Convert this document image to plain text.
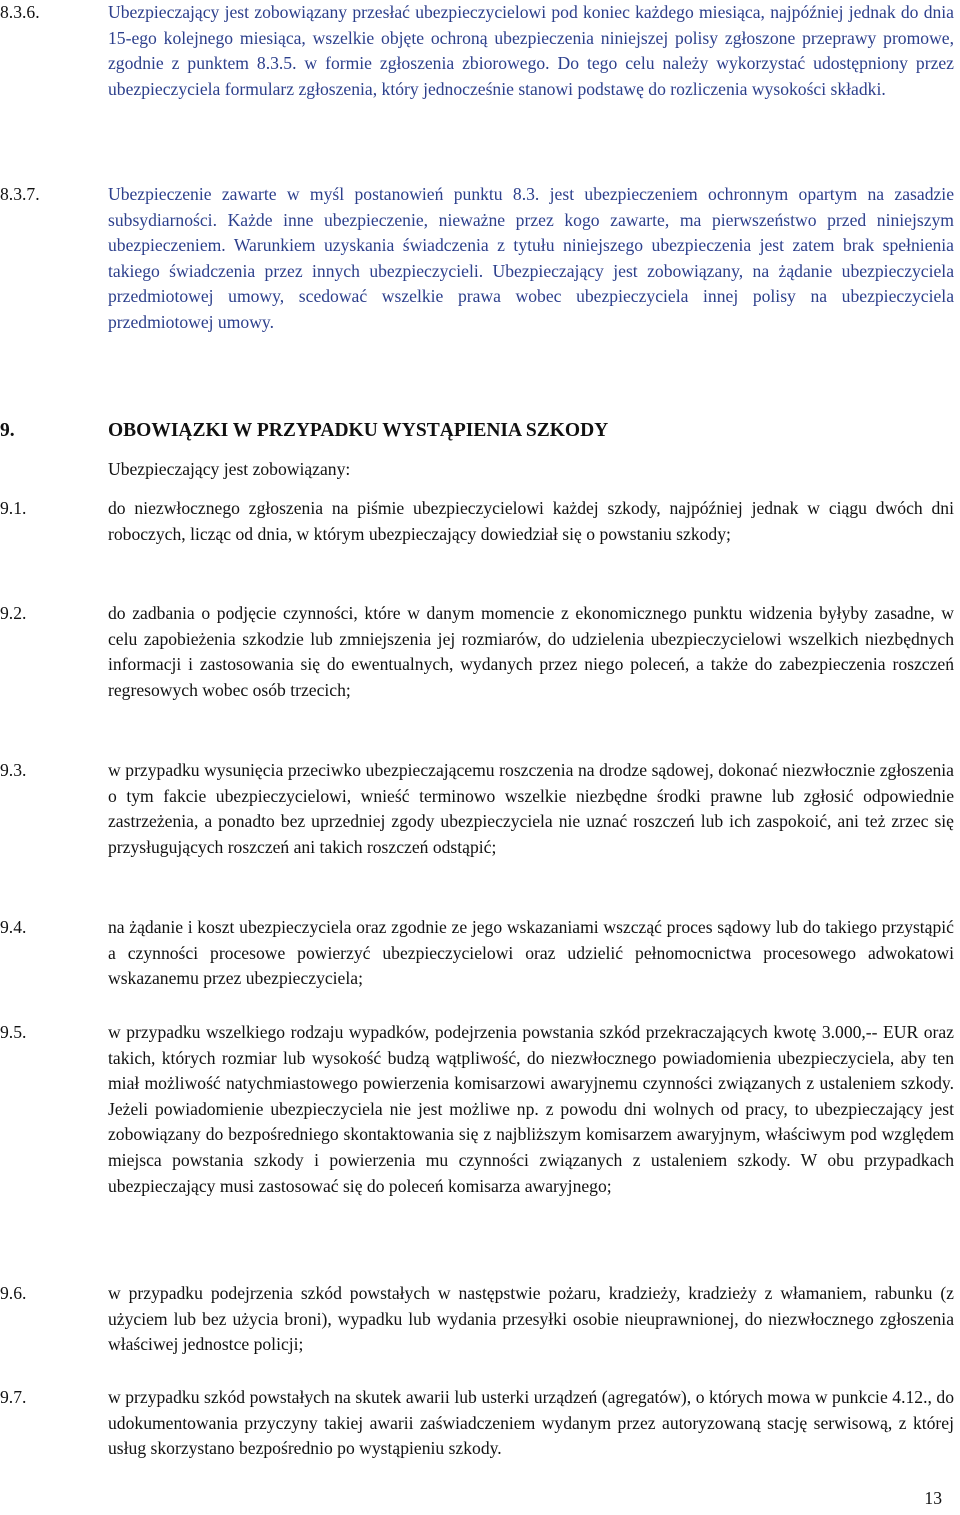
8.3.6.	Ubezpieczający jest zobowiązany przesłać ubezpieczycielowi pod koniec każdego miesiąca, najpóźniej jednak do dnia 15-ego kolejnego miesiąca, wszelkie objęte ochroną ubezpieczenia niniejszej polisy zgłoszone przeprawy promowe, zgodnie z punktem 8.3.5. w formie zgłoszenia zbiorowego. Do tego celu należy wykorzystać udostępniony przez ubezpieczyciela formularz zgłoszenia, który jednocześnie stanowi podstawę do rozliczenia wysokości składki.
8.3.7.	Ubezpieczenie zawarte w myśl postanowień punktu 8.3. jest ubezpieczeniem ochronnym opartym na zasadzie subsydiarności. Każde inne ubezpieczenie, nieważne przez kogo zawarte, ma pierwszeństwo przed niniejszym ubezpieczeniem. Warunkiem uzyskania świadczenia z tytułu niniejszego ubezpieczenia jest zatem brak spełnienia takiego świadczenia przez innych ubezpieczycieli. Ubezpieczający jest zobowiązany, na żądanie ubezpieczyciela przedmiotowej umowy, scedować wszelkie prawa wobec ubezpieczyciela innej polisy na ubezpieczyciela przedmiotowej umowy.
9.	OBOWIĄZKI W PRZYPADKU WYSTĄPIENIA SZKODY
Ubezpieczający jest zobowiązany:
9.1.	do niezwłocznego zgłoszenia na piśmie ubezpieczycielowi każdej szkody, najpóźniej jednak w ciągu dwóch dni roboczych, licząc od dnia, w którym ubezpieczający dowiedział się o powstaniu szkody;
9.2.	do zadbania o podjęcie czynności, które w danym momencie z ekonomicznego punktu widzenia byłyby zasadne, w celu zapobieżenia szkodzie lub zmniejszenia jej rozmiarów, do udzielenia ubezpieczycielowi wszelkich niezbędnych informacji i zastosowania się do ewentualnych, wydanych przez niego poleceń, a także do zabezpieczenia roszczeń regresowych wobec osób trzecich;
9.3.	w przypadku wysunięcia przeciwko ubezpieczającemu roszczenia na drodze sądowej, dokonać niezwłocznie zgłoszenia o tym fakcie ubezpieczycielowi, wnieść terminowo wszelkie niezbędne środki prawne lub zgłosić odpowiednie zastrzeżenia, a ponadto bez uprzedniej zgody ubezpieczyciela nie uznać roszczeń lub ich zaspokoić, ani też zrzec się przysługujących roszczeń ani takich roszczeń odstąpić;
9.4.	na żądanie i koszt ubezpieczyciela oraz zgodnie ze jego wskazaniami wszcząć proces sądowy lub do takiego przystąpić a czynności procesowe powierzyć ubezpieczycielowi oraz udzielić pełnomocnictwa procesowego adwokatowi wskazanemu przez ubezpieczyciela;
9.5.	w przypadku wszelkiego rodzaju wypadków, podejrzenia powstania szkód przekraczających kwotę 3.000,-- EUR oraz takich, których rozmiar lub wysokość budzą wątpliwość, do niezwłocznego powiadomienia ubezpieczyciela, aby ten miał możliwość natychmiastowego powierzenia komisarzowi awaryjnemu czynności związanych z ustaleniem szkody. Jeżeli powiadomienie ubezpieczyciela nie jest możliwe np. z powodu dni wolnych od pracy, to ubezpieczający jest zobowiązany do bezpośredniego skontaktowania się z najbliższym komisarzem awaryjnym, właściwym pod względem miejsca powstania szkody i powierzenia mu czynności związanych z ustaleniem szkody. W obu przypadkach ubezpieczający musi zastosować się do poleceń komisarza awaryjnego;
9.6.	w przypadku podejrzenia szkód powstałych w następstwie pożaru, kradzieży, kradzieży z włamaniem, rabunku (z użyciem lub bez użycia broni), wypadku lub wydania przesyłki osobie nieuprawnionej, do niezwłocznego zgłoszenia właściwej jednostce policji;
9.7.	w przypadku szkód powstałych na skutek awarii lub usterki urządzeń (agregatów), o których mowa w punkcie 4.12., do udokumentowania przyczyny takiej awarii zaświadczeniem wydanym przez autoryzowaną stację serwisową, z której usług skorzystano bezpośrednio po wystąpieniu szkody.
13
